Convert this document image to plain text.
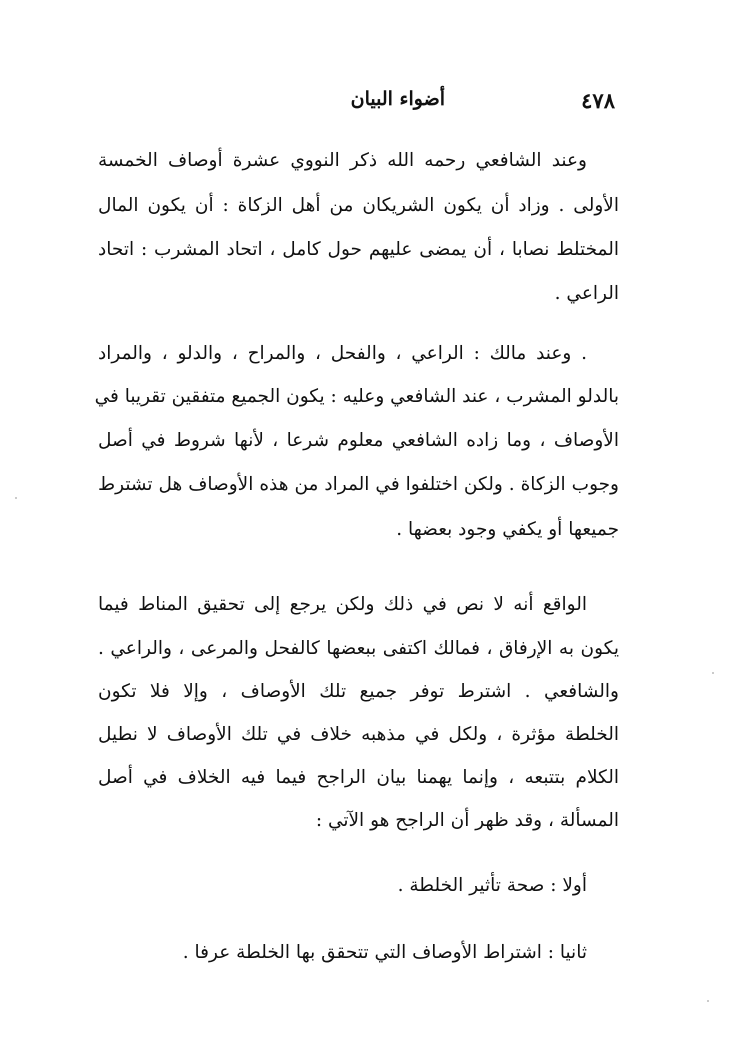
٤٧٨
أضواء البيان
وعند الشافعي رحمه الله ذكر النووي عشرة أوصاف الخمسة
الأولى . وزاد أن يكون الشريكان من أهل الزكاة : أن يكون المال
المختلط نصابا ، أن يمضى عليهم حول كامل ، اتحاد المشرب : اتحاد
الراعي .
. وعند مالك : الراعي ، والفحل ، والمراح ، والدلو ، والمراد
بالدلو المشرب ، عند الشافعي وعليه : يكون الجميع متفقين تقريبا في
الأوصاف ، وما زاده الشافعي معلوم شرعا ، لأنها شروط في أصل
وجوب الزكاة . ولكن اختلفوا في المراد من هذه الأوصاف هل تشترط
جميعها أو يكفي وجود بعضها .
الواقع أنه لا نص في ذلك ولكن يرجع إلى تحقيق المناط فيما
يكون به الإرفاق ، فمالك اكتفى ببعضها كالفحل والمرعى ، والراعي .
والشافعي . اشترط توفر جميع تلك الأوصاف ، وإلا فلا تكون
الخلطة مؤثرة ، ولكل في مذهبه خلاف في تلك الأوصاف لا نطيل
الكلام بتتبعه ، وإنما يهمنا بيان الراجح فيما فيه الخلاف في أصل
المسألة ، وقد ظهر أن الراجح هو الآتي :
أولا : صحة تأثير الخلطة .
ثانيا : اشتراط الأوصاف التي تتحقق بها الخلطة عرفا .
